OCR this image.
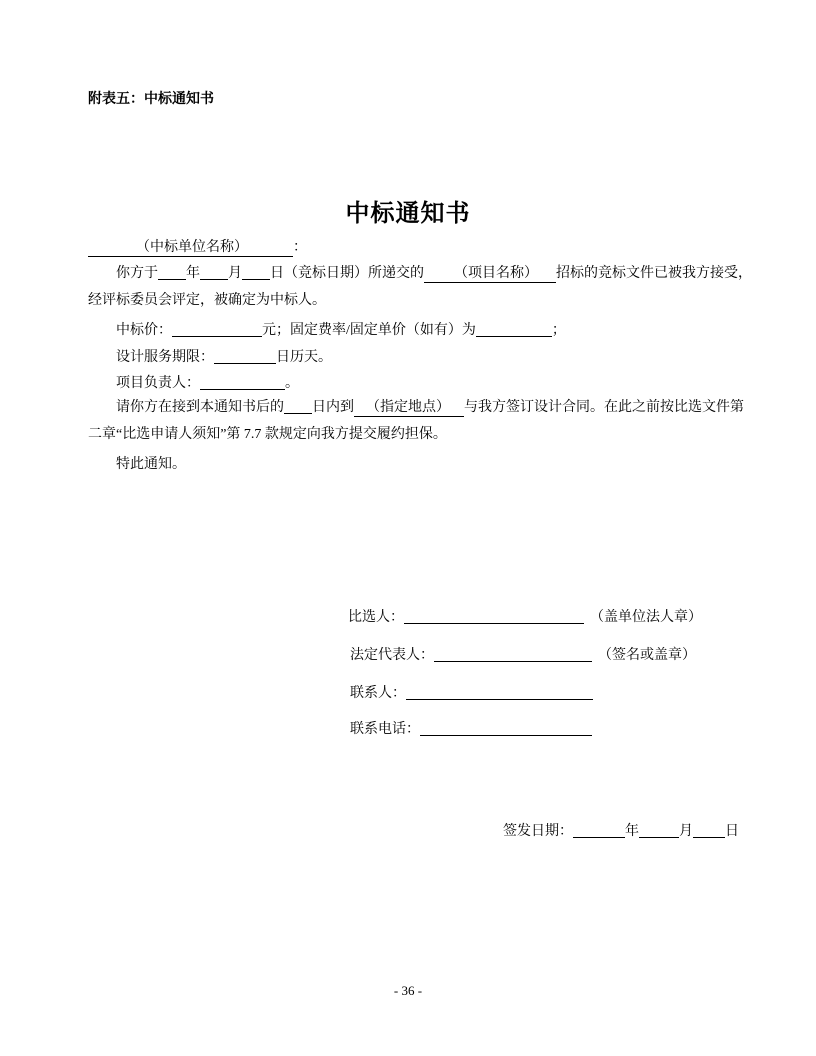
附表五：中标通知书

中标通知书

（中标单位名称）	：

你方于 年 月 日（竞标日期）所递交的 （项目名称） 招标的竞标文件已被我方接受，经评标委员会评定，被确定为中标人。

中标价：	元；固定费率/固定单价（如有）为	；

设计服务期限：	日历天。

项目负责人：	。

请你方在接到本通知书后的 日内到 （指定地点） 与我方签订设计合同。在此之前按比选文件第二章“比选申请人须知”第 7.7 款规定向我方提交履约担保。

特此通知。

比选人：	（盖单位法人章）

法定代表人：	（签名或盖章）

联系人：

联系电话：

签发日期：	年	月 日

- 36 -
